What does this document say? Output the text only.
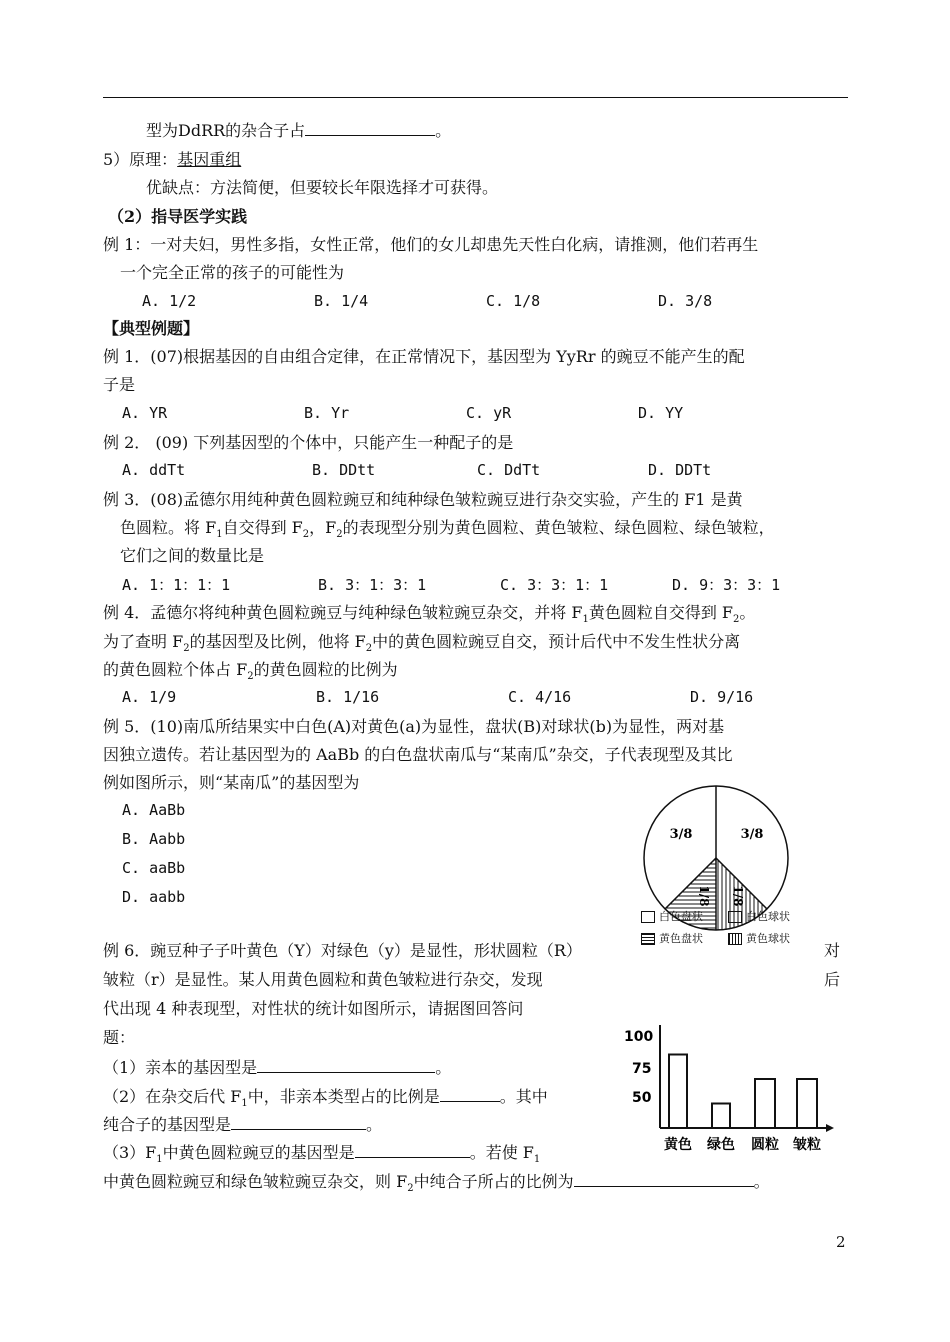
型为DdRR的杂合子占	。
5）原理：基因重组
优缺点：方法简便，但要较长年限选择才可获得。
（2）指导医学实践
例 1：一对夫妇，男性多指，女性正常，他们的女儿却患先天性白化病，请推测，他们若再生
一个完全正常的孩子的可能性为
A. 1/2	B. 1/4	C. 1/8	D. 3/8
【典型例题】
例 1．(07)根据基因的自由组合定律，在正常情况下，基因型为 YyRr 的豌豆不能产生的配
子是
A. YR	B. Yr	C. yR	D. YY
例 2． (09) 下列基因型的个体中，只能产生一种配子的是
A. ddTt	B. DDtt	C. DdTt	D. DDTt
例 3．(08)孟德尔用纯种黄色圆粒豌豆和纯种绿色皱粒豌豆进行杂交实验，产生的 F1 是黄
色圆粒。将 $F_1$自交得到 $F_2$，$F_2$的表现型分别为黄色圆粒、黄色皱粒、绿色圆粒、绿色皱粒，
它们之间的数量比是
A. 1：1：1：1	B. 3：1：3：1	C. 3：3：1：1	D. 9：3：3：1
例 4．孟德尔将纯种黄色圆粒豌豆与纯种绿色皱粒豌豆杂交，并将 $F_1$黄色圆粒自交得到 $F_2$。
为了查明 $F_2$的基因型及比例，他将 $F_2$中的黄色圆粒豌豆自交，预计后代中不发生性状分离
的黄色圆粒个体占 $F_2$的黄色圆粒的比例为
A. 1/9	B. 1/16	C. 4/16	D. 9/16
例 5．(10)南瓜所结果实中白色(A)对黄色(a)为显性，盘状(B)对球状(b)为显性，两对基
因独立遗传。若让基因型为的 AaBb 的白色盘状南瓜与“某南瓜”杂交，子代表现型及其比
例如图所示，则“某南瓜”的基因型为
A. AaBb
B. Aabb
C. aaBb
D. aabb
3/8	3/8
1/8 1/8
白色盘状	白色球状
黄色盘状	黄色球状
例 6．豌豆种子子叶黄色（Y）对绿色（y）是显性，形状圆粒（R）	对
皱粒（r）是显性。某人用黄色圆粒和黄色皱粒进行杂交，发现	后
代出现 4 种表现型，对性状的统计如图所示，请据图回答问
题：
（1）亲本的基因型是	。
（2）在杂交后代 $F_1$中，非亲本类型占的比例是	。其中
纯合子的基因型是	。
$(3)F_1$中黄色圆粒豌豆的基因型是	。若使 $F_1$
中黄色圆粒豌豆和绿色皱粒豌豆杂交，则 $F_2$中纯合子所占的比例为	。
100
75
50
黄色 绿色 圆粒 皱粒
2
